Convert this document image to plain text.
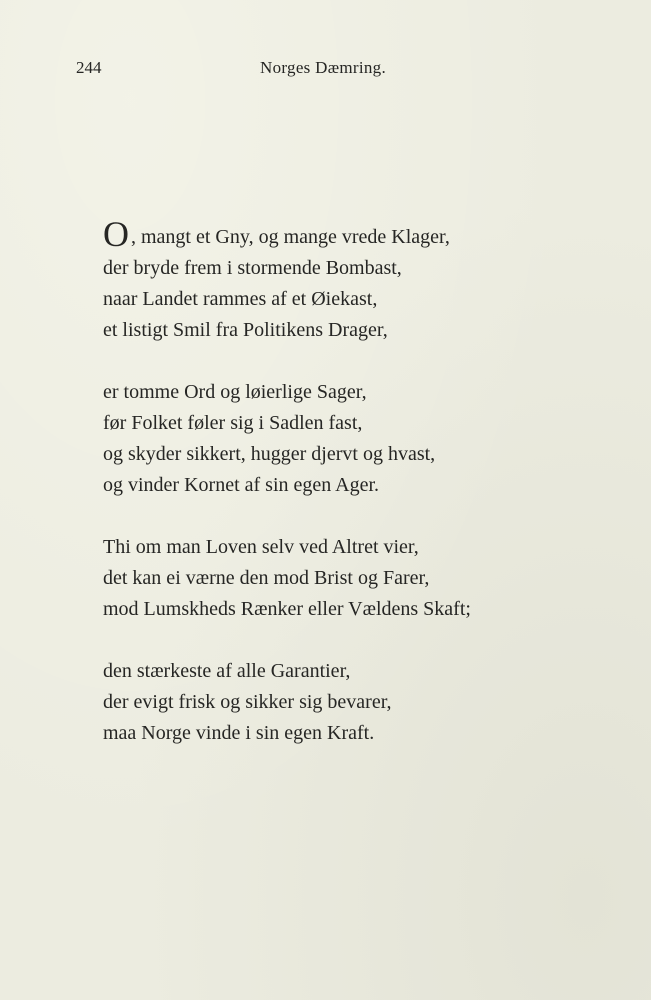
244	Norges Dæmring.
O , mangt et Gny, og mange vrede Klager,
der bryde frem i stormende Bombast,
naar Landet rammes af et Øiekast,
et listigt Smil fra Politikens Drager,
er tomme Ord og løierlige Sager,
før Folket føler sig i Sadlen fast,
og skyder sikkert, hugger djervt og hvast,
og vinder Kornet af sin egen Ager.
Thi om man Loven selv ved Altret vier,
det kan ei værne den mod Brist og Farer,
mod Lumskheds Rænker eller Vældens Skaft;
den stærkeste af alle Garantier,
der evigt frisk og sikker sig bevarer,
maa Norge vinde i sin egen Kraft.
